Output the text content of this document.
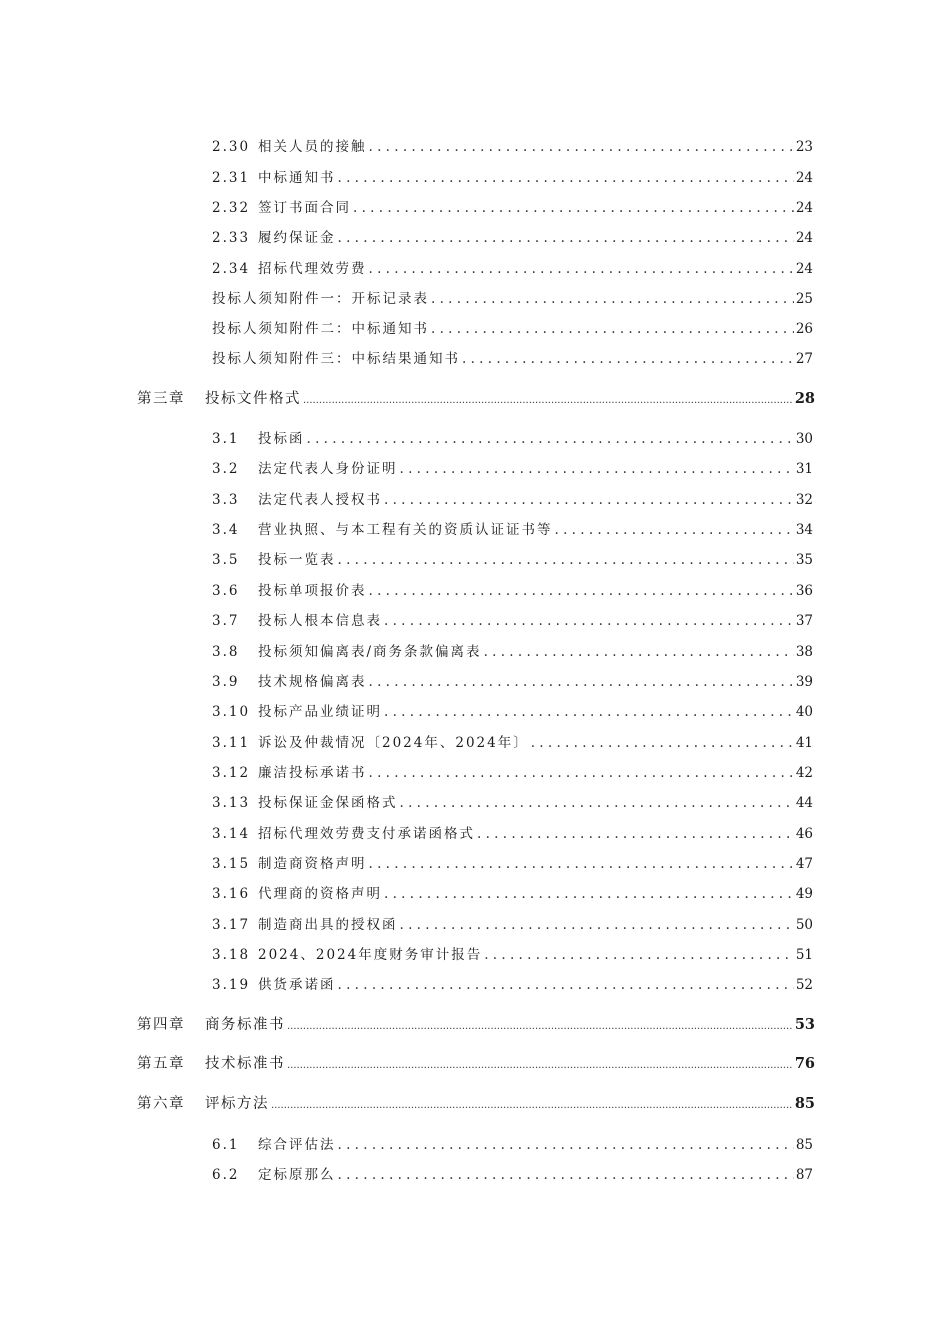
2.30 相关人员的接触 . . .	23
2.31 中标通知书 . . .	24
2.32 签订书面合同 . . .	24
2.33 履约保证金 . . .	24
2.34 招标代理效劳费 . . .	24
投标人须知附件一：开标记录表 . . .	25
投标人须知附件二：中标通知书 . . .	26
投标人须知附件三：中标结果通知书 . . .	27
第三章	投标文件格式 .....	28
3.1	投标函 . . .	30
3.2	法定代表人身份证明 . . .	31
3.3	法定代表人授权书 . . .	32
3.4	营业执照、与本工程有关的资质认证证书等 . . .	34
3.5	投标一览表 . . .	35
3.6	投标单项报价表 . . .	36
3.7	投标人根本信息表 . . .	37
3.8	投标须知偏离表/商务条款偏离表 . . .	38
3.9	技术规格偏离表 . . .	39
3.10 投标产品业绩证明 . . .	40
3.11 诉讼及仲裁情况〔2024年、2024年〕 . . .	41
3.12 廉洁投标承诺书 . . .	42
3.13 投标保证金保函格式 . . .	44
3.14 招标代理效劳费支付承诺函格式 . . .	46
3.15 制造商资格声明 . . .	47
3.16 代理商的资格声明 . . .	49
3.17 制造商出具的授权函 . . .	50
3.18 2024、2024年度财务审计报告 . . .	51
3.19 供货承诺函 . . .	52
第四章	商务标准书 .....	53
第五章	技术标准书 .....	76
第六章	评标方法 .....	85
6.1	综合评估法 . . .	85
6.2	定标原那么 . . .	87
